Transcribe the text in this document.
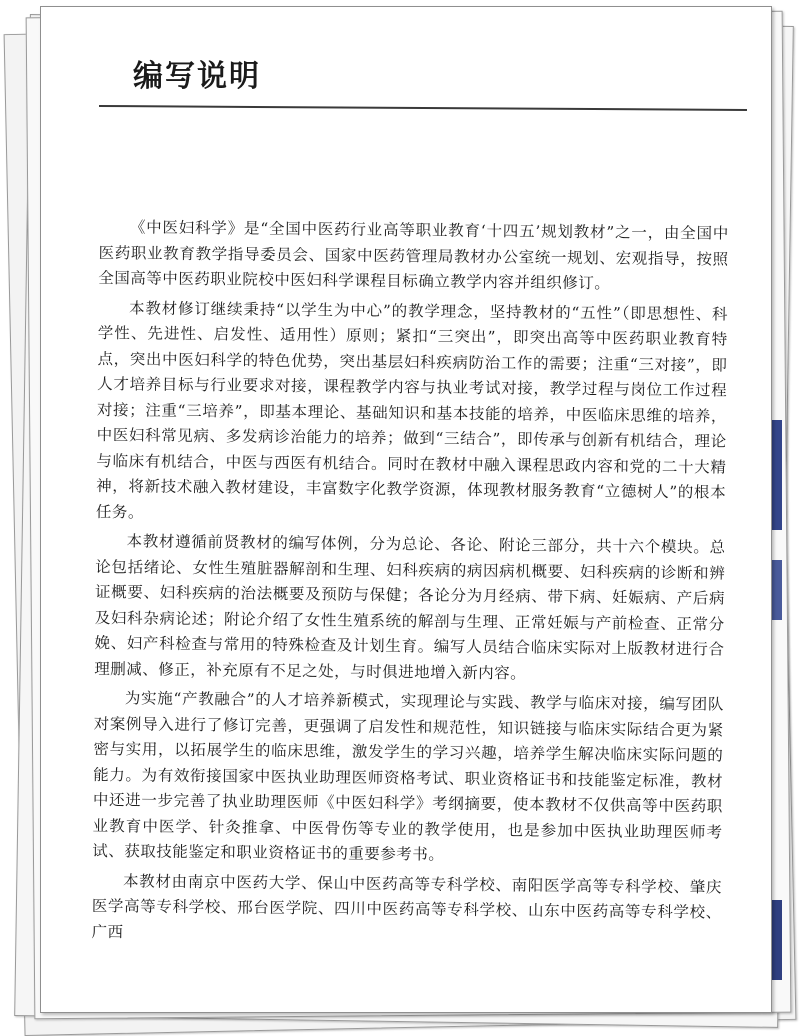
编写说明

《中医妇科学》是“全国中医药行业高等职业教育‘十四五’规划教材”之一，由全国中医药职业教育教学指导委员会、国家中医药管理局教材办公室统一规划、宏观指导，按照全国高等中医药职业院校中医妇科学课程目标确立教学内容并组织修订。

本教材修订继续秉持“以学生为中心”的教学理念，坚持教材的“五性”（即思想性、科学性、先进性、启发性、适用性）原则；紧扣“三突出”，即突出高等中医药职业教育特点，突出中医妇科学的特色优势，突出基层妇科疾病防治工作的需要；注重“三对接”，即人才培养目标与行业要求对接，课程教学内容与执业考试对接，教学过程与岗位工作过程对接；注重“三培养”，即基本理论、基础知识和基本技能的培养，中医临床思维的培养，中医妇科常见病、多发病诊治能力的培养；做到“三结合”，即传承与创新有机结合，理论与临床有机结合，中医与西医有机结合。同时在教材中融入课程思政内容和党的二十大精神，将新技术融入教材建设，丰富数字化教学资源，体现教材服务教育“立德树人”的根本任务。

本教材遵循前贤教材的编写体例，分为总论、各论、附论三部分，共十六个模块。总论包括绪论、女性生殖脏器解剖和生理、妇科疾病的病因病机概要、妇科疾病的诊断和辨证概要、妇科疾病的治法概要及预防与保健；各论分为月经病、带下病、妊娠病、产后病及妇科杂病论述；附论介绍了女性生殖系统的解剖与生理、正常妊娠与产前检查、正常分娩、妇产科检查与常用的特殊检查及计划生育。编写人员结合临床实际对上版教材进行合理删减、修正，补充原有不足之处，与时俱进地增入新内容。

为实施“产教融合”的人才培养新模式，实现理论与实践、教学与临床对接，编写团队对案例导入进行了修订完善，更强调了启发性和规范性，知识链接与临床实际结合更为紧密与实用，以拓展学生的临床思维，激发学生的学习兴趣，培养学生解决临床实际问题的能力。为有效衔接国家中医执业助理医师资格考试、职业资格证书和技能鉴定标准，教材中还进一步完善了执业助理医师《中医妇科学》考纲摘要，使本教材不仅供高等中医药职业教育中医学、针灸推拿、中医骨伤等专业的教学使用，也是参加中医执业助理医师考试、获取技能鉴定和职业资格证书的重要参考书。

本教材由南京中医药大学、保山中医药高等专科学校、南阳医学高等专科学校、肇庆医学高等专科学校、邢台医学院、四川中医药高等专科学校、山东中医药高等专科学校、广西
